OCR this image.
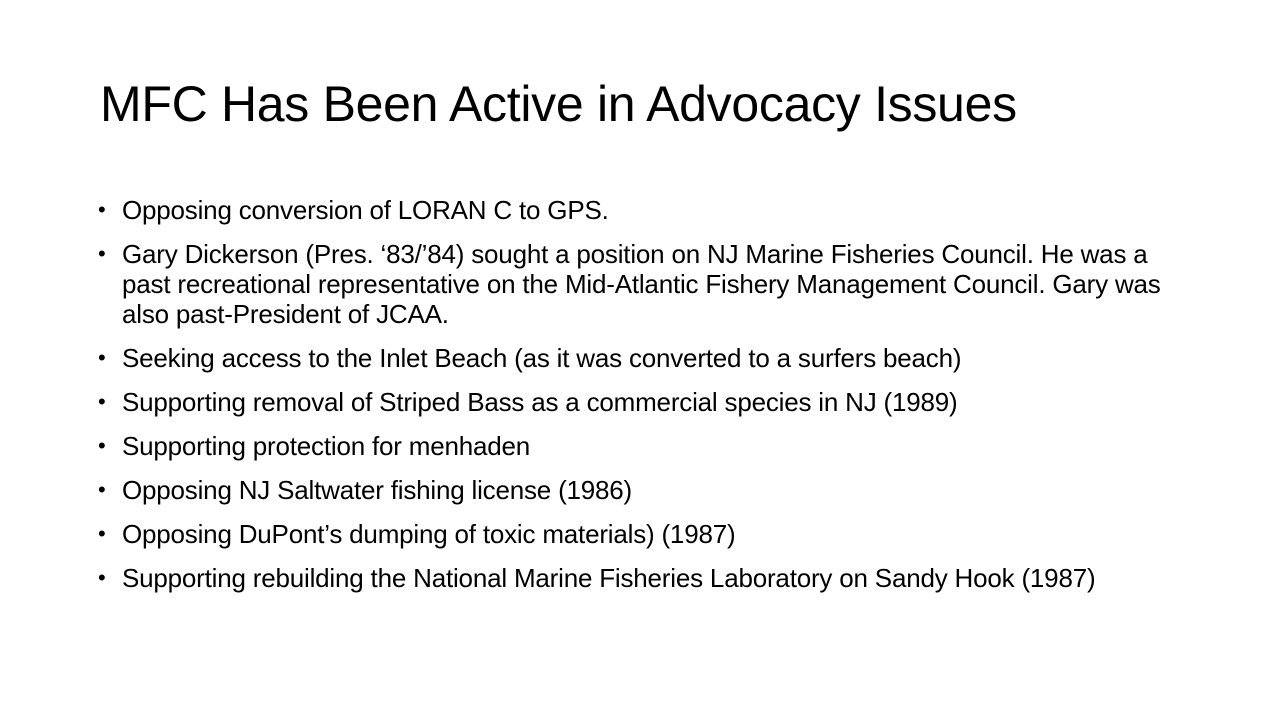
MFC Has Been Active in Advocacy Issues
• Opposing conversion of LORAN C to GPS.
• Gary Dickerson (Pres. ‘83/’84) sought a position on NJ Marine Fisheries Council. He was a past recreational representative on the Mid-Atlantic Fishery Management Council. Gary was also past-President of JCAA.
• Seeking access to the Inlet Beach (as it was converted to a surfers beach)
• Supporting removal of Striped Bass as a commercial species in NJ (1989)
• Supporting protection for menhaden
• Opposing NJ Saltwater fishing license (1986)
• Opposing DuPont’s dumping of toxic materials) (1987)
• Supporting rebuilding the National Marine Fisheries Laboratory on Sandy Hook (1987)
